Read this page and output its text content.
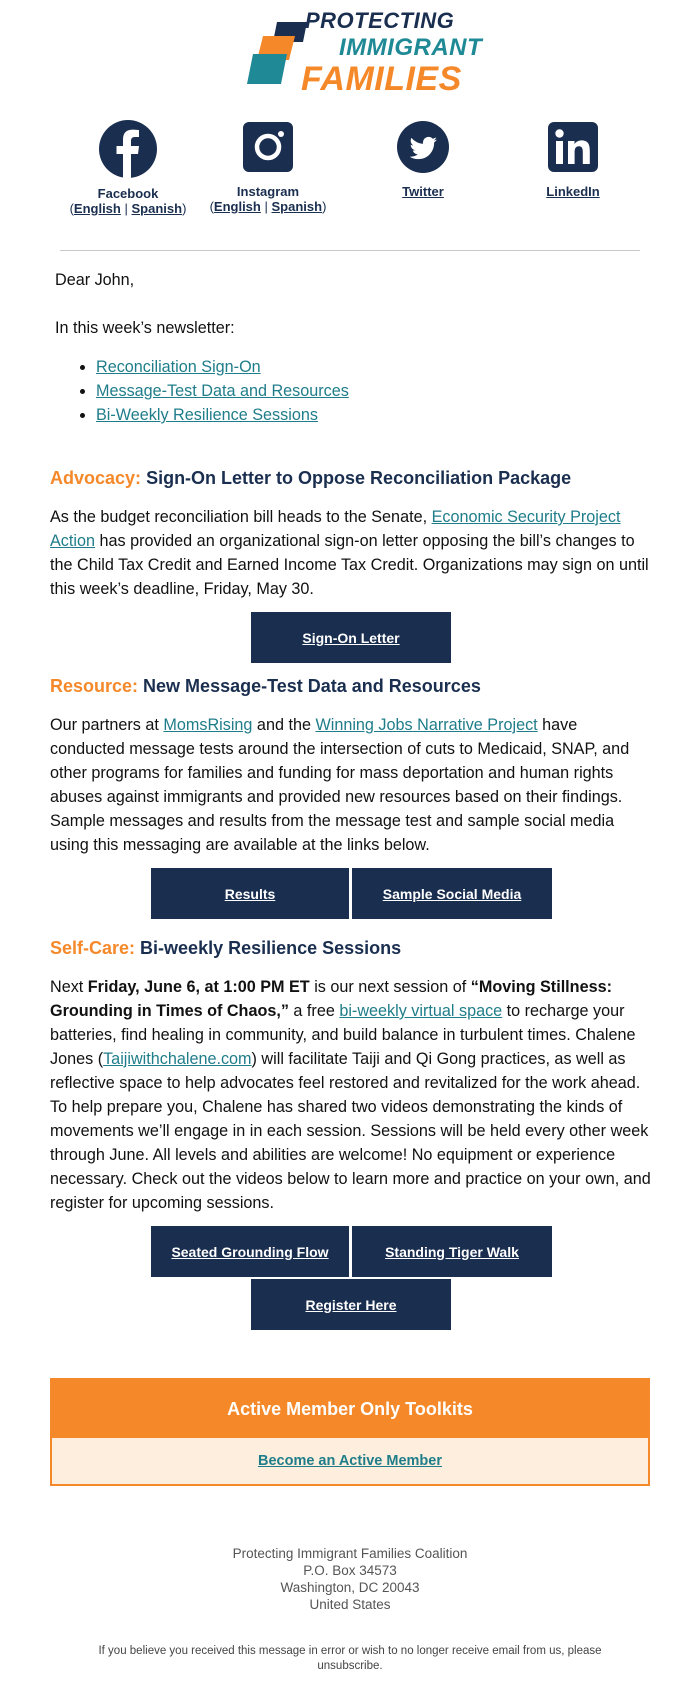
PROTECTING
IMMIGRANT
FAMILIES
Facebook
(English | Spanish)
Instagram
(English | Spanish)
Twitter	LinkedIn
Dear John,
In this week’s newsletter:
• Reconciliation Sign-On
• Message-Test Data and Resources
• Bi-Weekly Resilience Sessions
Advocacy: Sign-On Letter to Oppose Reconciliation Package
As the budget reconciliation bill heads to the Senate, Economic Security Project Action has provided an organizational sign-on letter opposing the bill’s changes to the Child Tax Credit and Earned Income Tax Credit. Organizations may sign on until this week’s deadline, Friday, May 30.
Sign-On Letter
Resource: New Message-Test Data and Resources
Our partners at MomsRising and the Winning Jobs Narrative Project have conducted message tests around the intersection of cuts to Medicaid, SNAP, and other programs for families and funding for mass deportation and human rights abuses against immigrants and provided new resources based on their findings. Sample messages and results from the message test and sample social media using this messaging are available at the links below.
Results	Sample Social Media
Self-Care: Bi-weekly Resilience Sessions
Next Friday, June 6, at 1:00 PM ET is our next session of “Moving Stillness: Grounding in Times of Chaos,” a free bi-weekly virtual space to recharge your batteries, find healing in community, and build balance in turbulent times. Chalene Jones (Taijiwithchalene.com) will facilitate Taiji and Qi Gong practices, as well as reflective space to help advocates feel restored and revitalized for the work ahead. To help prepare you, Chalene has shared two videos demonstrating the kinds of movements we’ll engage in in each session. Sessions will be held every other week through June. All levels and abilities are welcome! No equipment or experience necessary. Check out the videos below to learn more and practice on your own, and register for upcoming sessions.
Seated Grounding Flow	Standing Tiger Walk
Register Here
Active Member Only Toolkits
Become an Active Member
Protecting Immigrant Families Coalition
P.O. Box 34573
Washington, DC 20043
United States
If you believe you received this message in error or wish to no longer receive email from us, please unsubscribe.
